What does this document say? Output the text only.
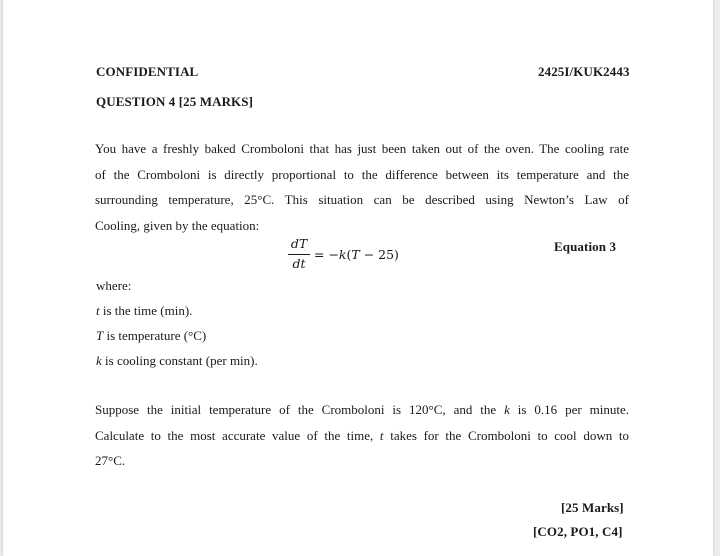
CONFIDENTIAL	2425I/KUK2443
QUESTION 4 [25 MARKS]
You have a freshly baked Cromboloni that has just been taken out of the oven. The cooling rate
of the Cromboloni is directly proportional to the difference between its temperature and the
surrounding temperature, 25°C. This situation can be described using Newton’s Law of
Cooling, given by the equation:
dT
dt
= −k(T − 25)
Equation 3
where:
t is the time (min).
T is temperature (°C)
k is cooling constant (per min).
Suppose the initial temperature of the Cromboloni is 120°C, and the k is 0.16 per minute.
Calculate to the most accurate value of the time, t takes for the Cromboloni to cool down to
27°C.
[25 Marks]
[CO2, PO1, C4]
